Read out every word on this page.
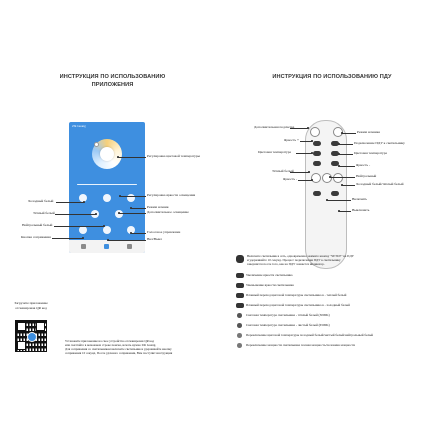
ИНСТРУКЦИЯ ПО ИСПОЛЬЗОВАНИЮ
ПРИЛОЖЕНИЯ
Zhi Guang
Регулировка цветовой температуры
Регулировка яркости освещения
Режим ночник
Дополнительное освещение
Голосовое управление
Вкл/Выкл
Холодный белый
Тёплый белый
Нейтральный белый
Кнопка сопряжения
Загрузите приложение
отсканировав QR код
Установите приложение на свое устройство отсканировав QR код
или скачтайте в воможном строке поиска, искать нужно Zhi Guang.
Для сопряжения со светильником включите светильник и удерживайте кнопку
сопряжения 10 секунд. После удачного сопряжения, Вам поступит инструкция
ИНСТРУКЦИЯ ПО ИСПОЛЬЗОВАНИЮ ПДУ
Дополнительная подсветка
Яркость +
Цветовая температура
Тёплый белый
Яркость -
Режим ночника
Подключение ПДУ к светильнику
Цветовая температура
Яркость -
Нейтральный
Холодный белый/тёплый белый
Включить
Выключить
Включите светильник в сеть, одновременно зажмите кнопку "SETUP" на ПДУ
и удерживайте 10 секунд. Процесс подключения ПДУ к светильнику
завершится после того, как на ПДУ зажжется индикатор.
Увеличение яркости светильника
Уменьшение яркости светильника
Плавный переход цветовой температуры светильника в - теплый белый
Плавный переход цветовой температуры светильника в - холодный белый
Световая температура светильника - тёплый белый (3000K)
Световая температура светильника - чистый белый (6500K)
Переключение цветовой температуры холодный белый/чистый белый/нейтральный белый
Переключение мощности светильника полная мощность/половина мощности
